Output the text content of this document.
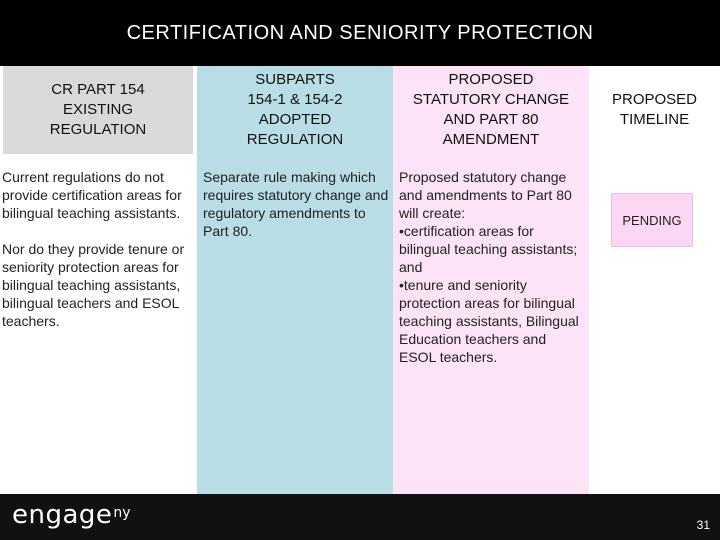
CERTIFICATION AND SENIORITY PROTECTION
CR PART 154
EXISTING
REGULATION
Current regulations do not provide certification areas for bilingual teaching assistants.

Nor do they provide tenure or seniority protection areas for bilingual teaching assistants, bilingual teachers and ESOL teachers.
SUBPARTS
154-1 & 154-2
ADOPTED
REGULATION
Separate rule making which requires statutory change and regulatory amendments to Part 80.
PROPOSED
STATUTORY CHANGE
AND PART 80
AMENDMENT
Proposed statutory change and amendments to Part 80 will create:
•certification areas for bilingual teaching assistants; and
•tenure and seniority protection areas for bilingual teaching assistants, Bilingual Education teachers and ESOL teachers.
PROPOSED
TIMELINE
PENDING
engageny
31
